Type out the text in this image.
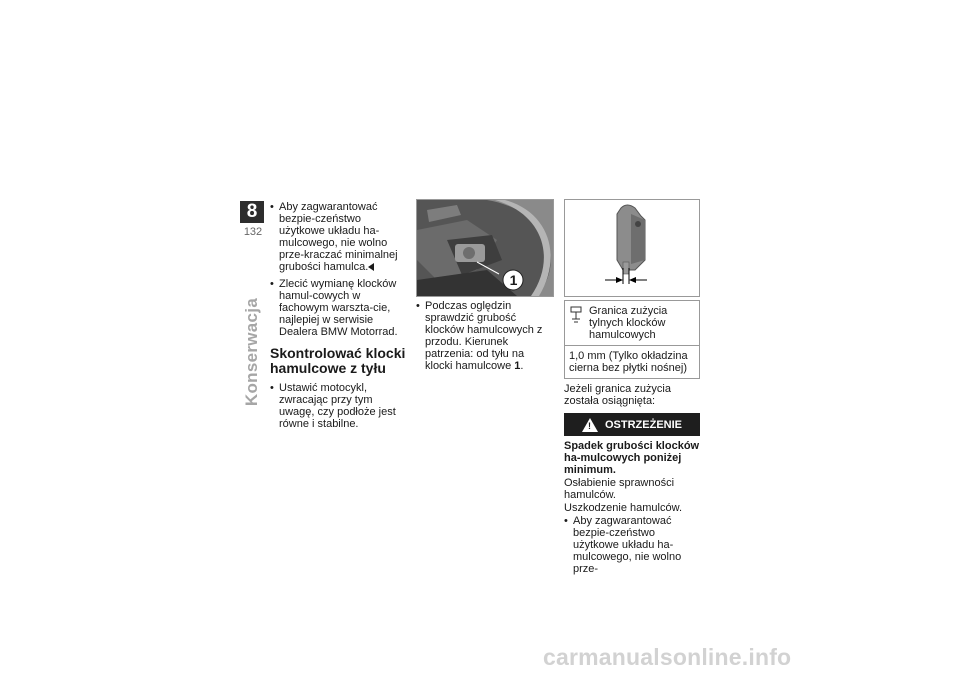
8
132
Konserwacja
• Aby zagwarantować bezpie-czeństwo użytkowe układu ha-mulcowego, nie wolno prze-kraczać minimalnej grubości hamulca.
• Zlecić wymianę klocków hamul-cowych w fachowym warszta-cie, najlepiej w serwisie Dealera BMW Motorrad.
Skontrolować klocki hamulcowe z tyłu
• Ustawić motocykl, zwracając przy tym uwagę, czy podłoże jest równe i stabilne.
1
• Podczas oględzin sprawdzić grubość klocków hamulcowych z przodu. Kierunek patrzenia: od tyłu na klocki hamulcowe 1.
Granica zużycia tylnych klocków hamulcowych
1,0 mm (Tylko okładzina cierna bez płytki nośnej)
Jeżeli granica zużycia została osiągnięta:
! OSTRZEŻENIE
Spadek grubości klocków ha-mulcowych poniżej minimum.
Osłabienie sprawności hamulców.
Uszkodzenie hamulców.
• Aby zagwarantować bezpie-czeństwo użytkowe układu ha-mulcowego, nie wolno prze-
carmanualsonline.info
